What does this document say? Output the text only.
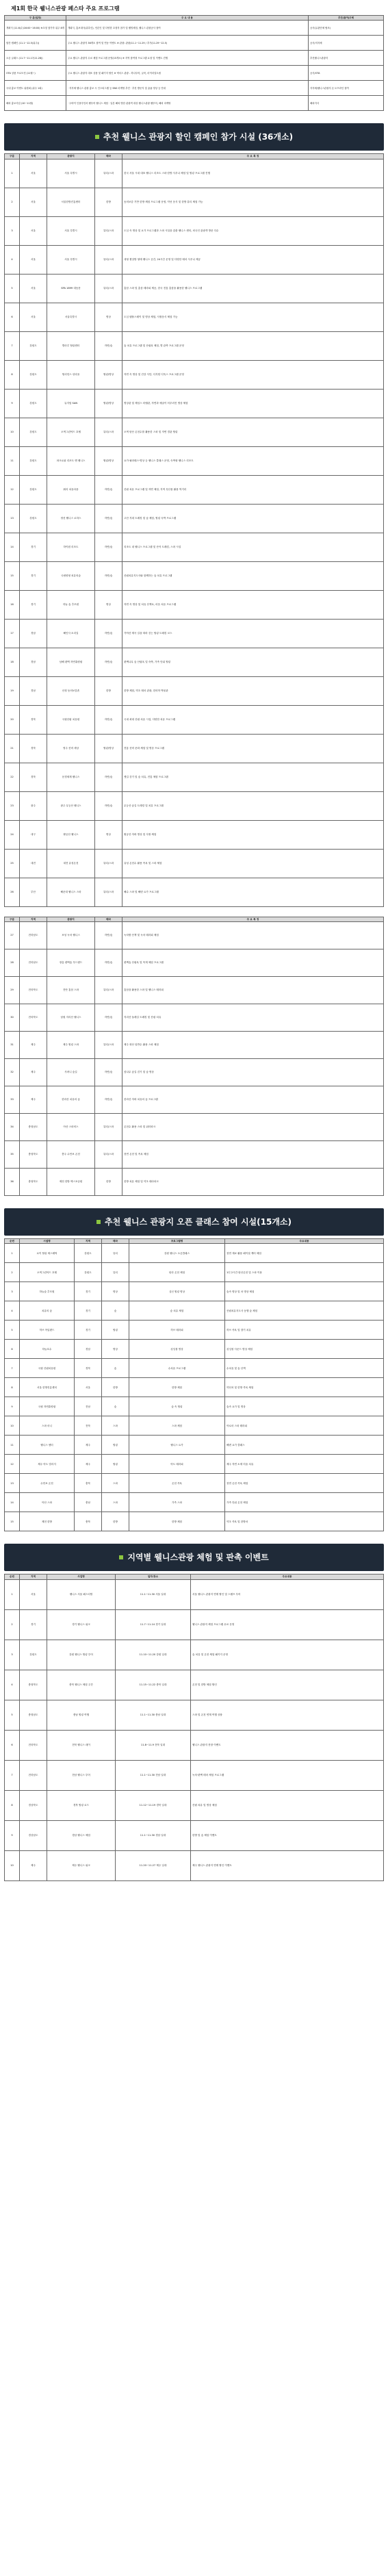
제1회 한국 웰니스관광 페스타 주요 프로그램
구 분(일정)	주 요 내 용	추진(참여)주체
개최식 (11.6(수)16:00~16:00) ※초청 참가자 위주 8개	개회식, 홍보대사(위촉인), 언론인 및 다양한 초청자 참가 및 웰빙체험, 웰니스 관광공사 참여	공사(유관단체 협조)
합간 캠페인 (11.1~12.5(위주))	주요 웰니스 관광지 36개소 참여 및 연동 이벤트 ※ 관광: 관광(11.1~11.29 / 추가(11.29~12.5)	공사/지자체
오픈 클래스 (11.7~11.17(11.28))	주요 웰니스 관광지 무료 체험 프로그램 운영(15개소) ※ 지역 참여형 프로그램 요청 및 이벤트 진행	추진웰니스관광지
OTA 상품 프로모션 (11월~)	주요 웰니스 관광지 대표 상품 및 패키지 할인 ※ 넥서스 관광 - 하나투어, 클룩, 마이리얼트립	공사/OTA
국내 홍보 이벤트 위원회 (위주 1회)	· 지자체 웰니스 관광 홍보 시 인스타그램 등 SNS 마케팅 추진 · 추천 방문지 및 숏폼 영상 등 안내	지자체/웰니스관광지 온·오프라인 참여
해외 홍보사업 (10~11월)	· 두바이 인플루언서 팸투어 웰니스 체험 · 일본 해외 방한 관광객 대상 웰니스관광 팸투어, 해외 마케팅	해외지사
추천 웰니스 관광지 할인 캠페인 참가 시설 (36개소)
구분	지역	관광지	테마	주 요 특 징
1	서울	서울 특별시	뷰티/스파	한국 서울 시내 대표 웰니스 리조트 스파·한방 사우나 체험 및 힐링 프로그램 진행
2	서울	서울한방진흥센터	한방	동의보감 기반 한방 체험 프로그램 운영, 약선 음식 및 한방 뷰티 체험 가능
3	서울	서울 특별시	뷰티/스파	도심 속 명상 및 요가 프로그램과 스파 시설을 갖춘 웰니스 센터, 외국인 관광객 방문 다수
4	서울	서울 특별시	뷰티/스파	대형 찜질방 형태 웰니스 공간, 24시간 운영 및 다양한 테마 사우나 제공
5	서울	SPA 1899 대동문	뷰티/스파	홍삼 스파 및 홍삼 테라피 제공, 한국 전통 홍삼을 활용한 웰니스 프로그램
6	서울	서울특별시	명상	도심 템플스테이 및 명상 체험, 사찰음식 체험 가능
7	강원도	별마루 힐링센터	자연/숲	숲 치유 프로그램 및 산림욕 체험, 별 관측 프로그램 운영
8	강원도	힐리언스 선마을	힐링/명상	자연 속 명상 및 건강 식단, 디지털 디톡스 프로그램 운영
9	강원도	뮤지엄 SAN	힐링/명상	명상관 및 제임스 터렐관, 자연과 예술이 어우러진 명상 체험
10	강원도	오색그린야드 호텔	뷰티/스파	오색 탄산 온천수를 활용한 스파 및 자연 경관 힐링
11	강원도	파크로쉬 리조트 앤 웰니스	힐링/명상	요가·필라테스·명상 등 웰니스 클래스 운영, 숙박형 웰니스 리조트
12	강원도	휘리 치유마을	자연/숲	산림 치유 프로그램 및 자연 체험, 지역 특산물 활용 먹거리
13	강원도	정선 웰니스 로하스	자연/숲	고산 지대 트레킹 및 숲 체험, 힐링 숙박 프로그램
14	경기	하이원 리조트	자연/숲	리조트 내 웰니스 프로그램 및 산악 트레킹, 스파 시설
15	경기	국립양평 치유의숲	자연/숲	산림치유지도사와 함께하는 숲 치유 프로그램
16	경기	하늘 숲 추모원	명상	자연 속 명상 및 치유 산책로, 마음 치유 프로그램
17	경남	해인사 소리길	자연/숲	가야산 계곡 길을 따라 걷는 힐링 트레킹 코스
18	경남	남해 편백 자연휴양림	자연/숲	편백나무 숲 산림욕 및 숙박, 가족 단위 힐링
19	경남	산청 동의보감촌	한방	한방 체험, 약초 테마 관광, 한의학 박물관
20	경북	국립산림 치유원	자연/숲	국내 최대 산림 치유 시설, 다양한 치유 프로그램
21	경북	영주 선비 세상	힐링/명상	전통 선비 문화 체험 및 명상 프로그램
22	경북	문경새재 웰니스	자연/숲	옛길 걷기 및 숲 치유, 전통 체험 프로그램
23	광주	광주 무등산 웰니스	자연/숲	무등산 숲길 트레킹 및 치유 프로그램
24	대구	팔공산 웰니스	명상	팔공산 자락 명상 및 사찰 체험
25	대전	대전 유성온천	뷰티/스파	유성 온천수 활용 족욕 및 스파 체험
26	부산	해운대 웰니스 스파	뷰티/스파	해수 스파 및 해변 요가 프로그램
구분	지역	관광지	테마	주 요 특 징
27	전라남도	보성 녹차 웰니스	자연/숲	녹차밭 산책 및 녹차 테라피 체험
28	전라남도	장흥 편백숲 우드랜드	자연/숲	편백숲 산림욕 및 목재 체험 프로그램
29	전라북도	진안 홍삼 스파	뷰티/스파	홍삼을 활용한 스파 및 웰니스 테라피
30	전라북도	남원 지리산 웰니스	자연/숲	지리산 둘레길 트레킹 및 산림 치유
31	제주	제주 힐링 스파	뷰티/스파	제주 화산 암반수 활용 스파 체험
32	제주	사려니 숲길	자연/숲	삼나무 숲길 걷기 및 숲 명상
33	제주	한라산 치유의 숲	자연/숲	한라산 자락 치유의 숲 프로그램
34	충청남도	아산 스파비스	뷰티/스파	온천수 활용 스파 및 워터파크
35	충청북도	충주 수안보 온천	뷰티/스파	천연 온천 및 족욕 체험
36	충청북도	제천 한방 엑스포공원	한방	한방 치유 체험 및 약초 테마파크
추천 웰니스 관광지 오픈 클래스 참여 시설(15개소)
순번	시설명	지역	테마	프로그램명	주요내용
1	로이 힐링 에스테틱	강원도	뷰티	강원 웰니스 오픈클래스	천연 재료 활용 페이셜 케어 체험
2	오색그린야드 호텔	강원도	뷰티	탄산 온천 체험	1인 2시간 탄산온천 및 스파 이용
3	하늘숲 추모원	경기	명상	심신 힐링 명상	숲속 명상 및 차 명상 체험
4	치유의 숲	경기	숲	숲 치유 체험	산림치유지도사 동행 숲 체험
5	허브 아일랜드	경기	힐링	허브 테라피	허브 족욕 및 향기 치유
6	하늘호수	경남	명상	싱잉볼 명상	싱잉볼 사운드 명상 체험
7	국립 산림치유원	경북	숲	수치유 프로그램	수치유 및 숲 산책
8	서울 한방진흥센터	서울	한방	한방 체험	약선차 및 한방 족욕 체험
9	국립 자연휴양림	전남	숲	숲 속 힐링	숲속 요가 및 명상
10	스파 마니	전북	스파	스파 체험	아로마 스파 테라피
11	웰니스 센터	제주	힐링	웰니스 요가	해변 요가 클래스
12	제주 아트 빌리지	제주	힐링	아트 테라피	제주 자연 소재 미술 치유
13	수안보 온천	충북	스파	온천 족욕	천연 온천 족욕 체험
14	아산 스파	충남	스파	가족 스파	가족 단위 온천 체험
15	제천 한방	충북	한방	한방 체험	약초 족욕 및 한방차
지역별 웰니스관광 체험 및 판촉 이벤트
순번	지역	사업명	일자/장소	주요내용
1	서울	웰니스 서울 페스티벌	11.1~11.30 서울 일대	서울 웰니스 관광지 연계 할인 및 스탬프 투어
2	경기	경기 웰니스 위크	11.7~11.14 경기 일대	웰니스 관광지 체험 프로그램 무료 운영
3	강원도	강원 웰니스 힐링 투어	11.10~11.20 강원 일대	숲 치유 및 온천 체험 패키지 운영
4	충청북도	충북 웰니스 체험 주간	11.15~11.22 충북 일대	온천 및 한방 체험 할인
5	충청남도	충남 힐링 여행	11.1~11.30 충남 일대	스파 및 온천 연계 여행 상품
6	전라북도	전북 웰니스 데이	11.8~11.9 전북 일대	웰니스 관광지 현장 이벤트
7	전라남도	전남 웰니스 투어	11.1~11.30 전남 일대	녹차·편백 테마 체험 프로그램
8	경상북도	경북 힐링 로드	11.12~11.19 경북 일대	산림 치유 및 명상 체험
9	경상남도	경남 웰니스 체험	11.1~11.30 경남 일대	한방 및 숲 체험 이벤트
10	제주	제주 웰니스 위크	11.20~11.27 제주 일대	제주 웰니스 관광지 연계 할인 이벤트
